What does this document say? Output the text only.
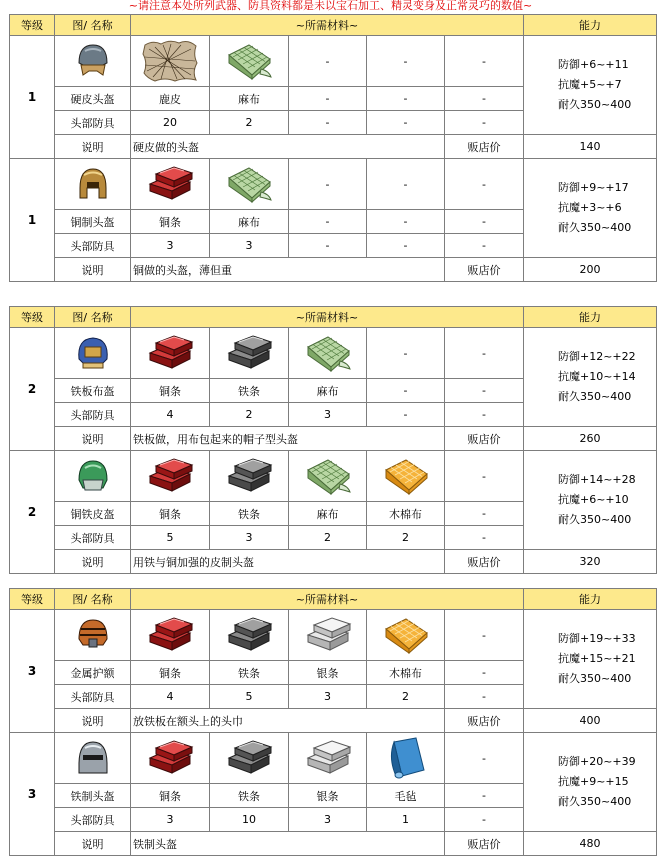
~请注意本处所列武器、防具资料都是未以宝石加工、精灵变身及正常灵巧的数值~
等级	图/ 名称	~所需材料~					能力
1				-	-	-	防御+6~+11
抗魔+5~+7
耐久350~400

	硬皮头盔	鹿皮	麻布	-	-	-	
	头部防具	20	2	-	-	-	
	说明	硬皮做的头盔				贩店价	140
1				-	-	-	防御+9~+17
抗魔+3~+6
耐久350~400

	铜制头盔	铜条	麻布	-	-	-	
	头部防具	3	3	-	-	-	
	说明	铜做的头盔，薄但重				贩店价	200
等级	图/ 名称	~所需材料~					能力
2					-	-	防御+12~+22
抗魔+10~+14
耐久350~400

	铁板布盔	铜条	铁条	麻布	-	-	
	头部防具	4	2	3	-	-	
	说明	铁板做，用布包起来的帽子型头盔				贩店价	260
2						-	防御+14~+28
抗魔+6~+10
耐久350~400

	铜铁皮盔	铜条	铁条	麻布	木棉布	-	
	头部防具	5	3	2	2	-	
	说明	用铁与铜加强的皮制头盔				贩店价	320
等级	图/ 名称	~所需材料~					能力
3						-	防御+19~+33
抗魔+15~+21
耐久350~400

	金属护额	铜条	铁条	银条	木棉布	-	
	头部防具	4	5	3	2	-	
	说明	放铁板在额头上的头巾				贩店价	400
3						-	防御+20~+39
抗魔+9~+15
耐久350~400

	铁制头盔	铜条	铁条	银条	毛毡	-	
	头部防具	3	10	3	1	-	
	说明	铁制头盔				贩店价	480
